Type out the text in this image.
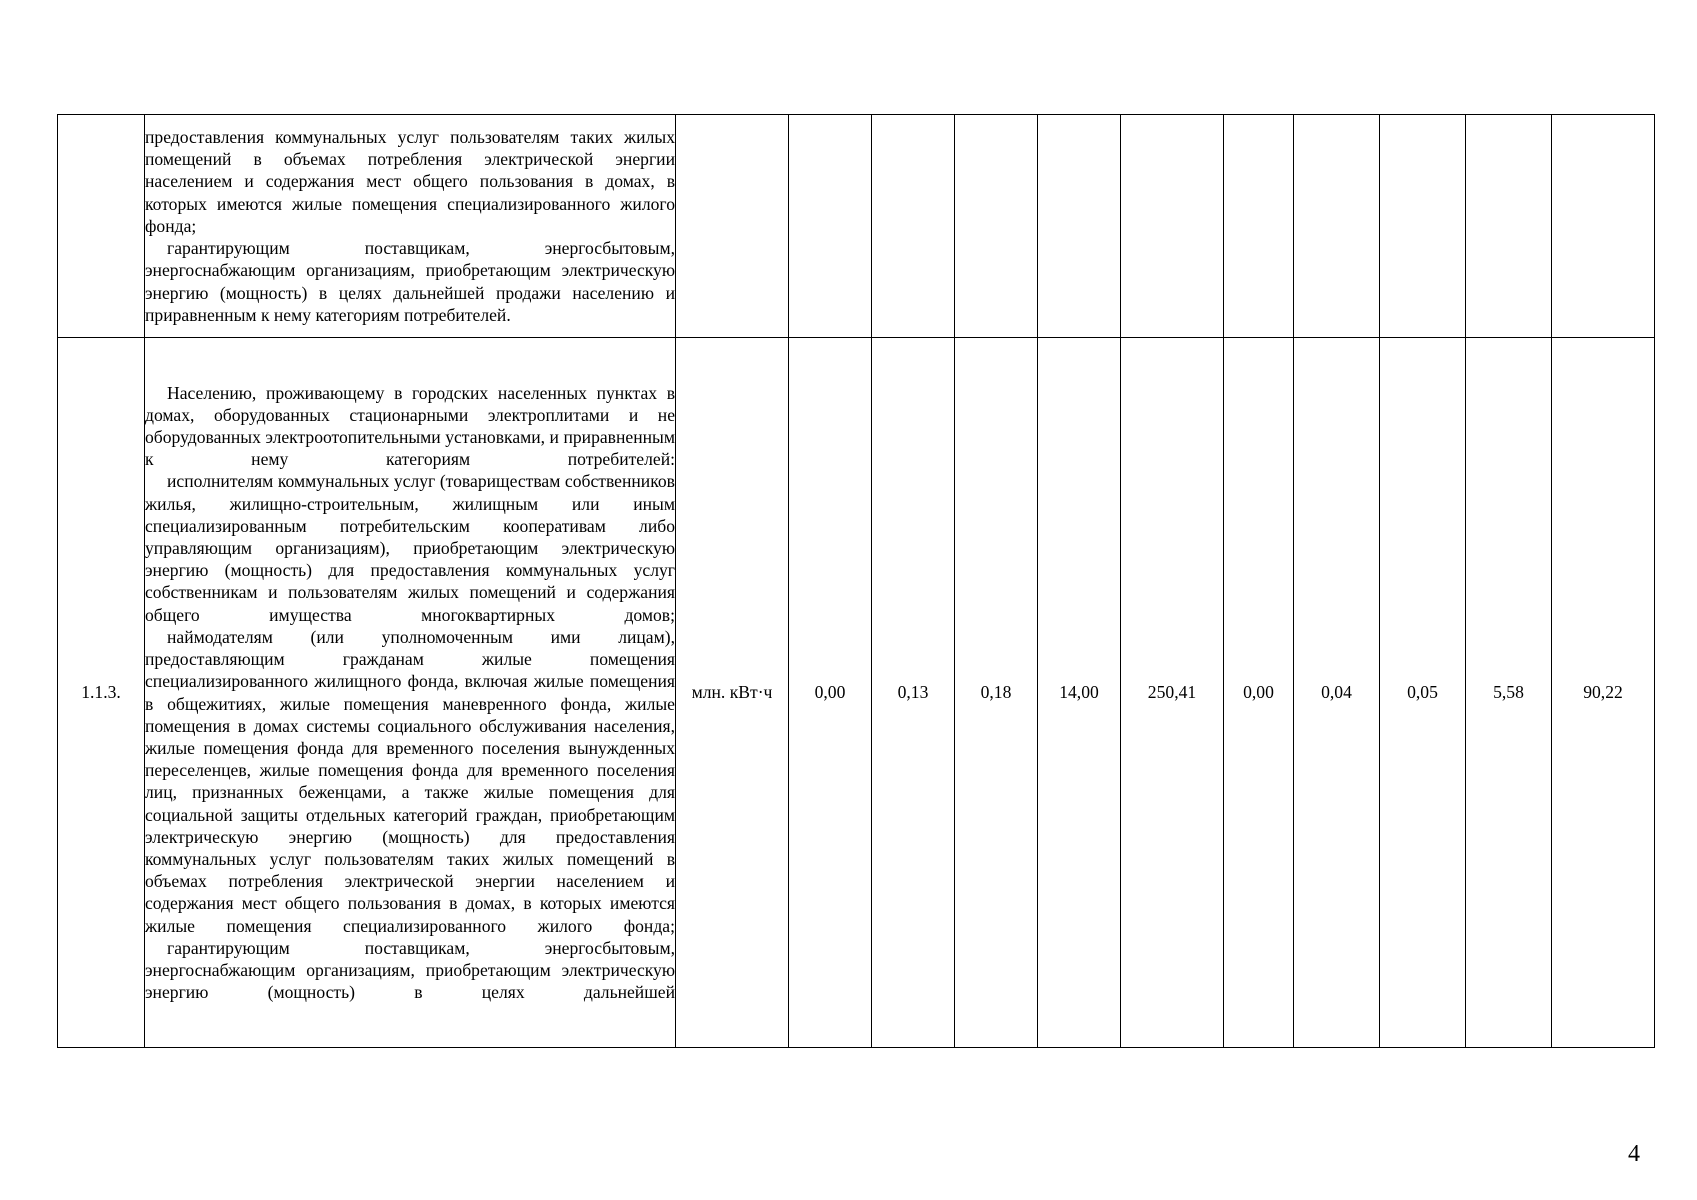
	предоставления коммунальных услуг пользователям таких жилых помещений в объемах потребления электрической энергии населением и содержания мест общего пользования в домах, в которых имеются жилые помещения специализированного жилого фонда;

гарантирующим поставщикам, энергосбытовым, энергоснабжающим организациям, приобретающим электрическую энергию (мощность) в целях дальнейшей продажи населению и приравненным к нему категориям потребителей.											

1.1.3.	Населению, проживающему в городских населенных пунктах в домах, оборудованных стационарными электроплитами и не оборудованных электроотопительными установками, и приравненным к нему категориям потребителей:

исполнителям коммунальных услуг (товариществам собственников жилья, жилищно-строительным, жилищным или иным специализированным потребительским кооперативам либо управляющим организациям), приобретающим электрическую энергию (мощность) для предоставления коммунальных услуг собственникам и пользователям жилых помещений и содержания общего имущества многоквартирных домов;

наймодателям (или уполномоченным ими лицам), предоставляющим гражданам жилые помещения специализированного жилищного фонда, включая жилые помещения в общежитиях, жилые помещения маневренного фонда, жилые помещения в домах системы социального обслуживания населения, жилые помещения фонда для временного поселения вынужденных переселенцев, жилые помещения фонда для временного поселения лиц, признанных беженцами, а также жилые помещения для социальной защиты отдельных категорий граждан, приобретающим электрическую энергию (мощность) для предоставления коммунальных услуг пользователям таких жилых помещений в объемах потребления электрической энергии населением и содержания мест общего пользования в домах, в которых имеются жилые помещения специализированного жилого фонда;

гарантирующим поставщикам, энергосбытовым, энергоснабжающим организациям, приобретающим электрическую энергию (мощность) в целях дальнейшей	млн. кВт·ч	0,00	0,13	0,18	14,00	250,41	0,00	0,04	0,05	5,58	90,22
4
